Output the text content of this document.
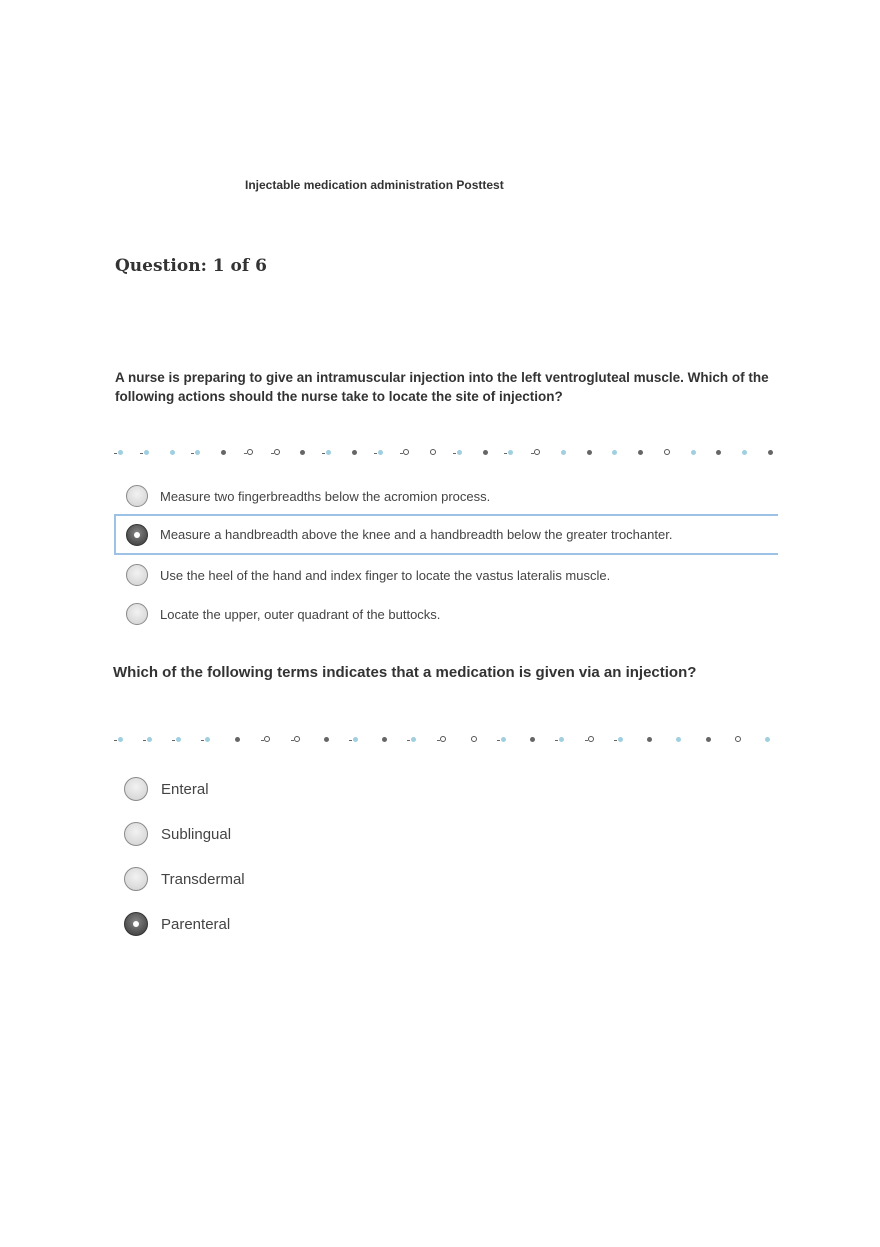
Injectable medication administration Posttest
Question: 1 of 6
A nurse is preparing to give an intramuscular injection into the left ventrogluteal muscle. Which of the following actions should the nurse take to locate the site of injection?
Measure two fingerbreadths below the acromion process.
Measure a handbreadth above the knee and a handbreadth below the greater trochanter.
Use the heel of the hand and index finger to locate the vastus lateralis muscle.
Locate the upper, outer quadrant of the buttocks.
Which of the following terms indicates that a medication is given via an injection?
Enteral
Sublingual
Transdermal
Parenteral
